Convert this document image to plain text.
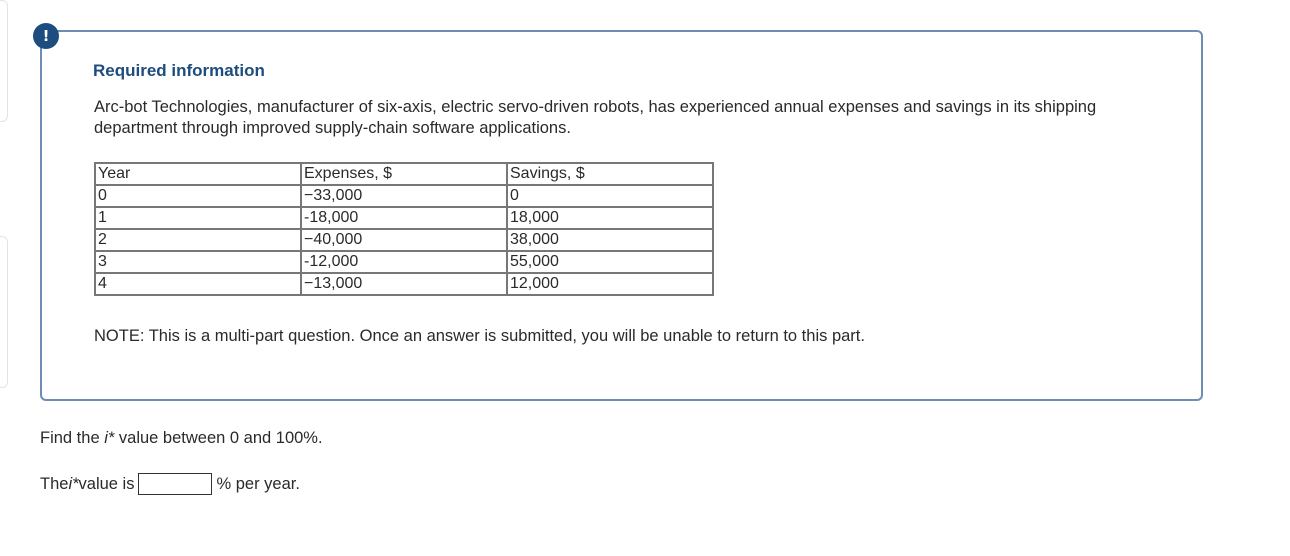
!
Required information
Arc-bot Technologies, manufacturer of six-axis, electric servo-driven robots, has experienced annual expenses and savings in its shipping department through improved supply-chain software applications.
Year	Expenses, $	Savings, $
0	−33,000	0
1	-18,000	18,000
2	−40,000	38,000
3	-12,000	55,000
4	−13,000	12,000
NOTE: This is a multi-part question. Once an answer is submitted, you will be unable to return to this part.
Find the i* value between 0 and 100%.
The i* value is	% per year.
